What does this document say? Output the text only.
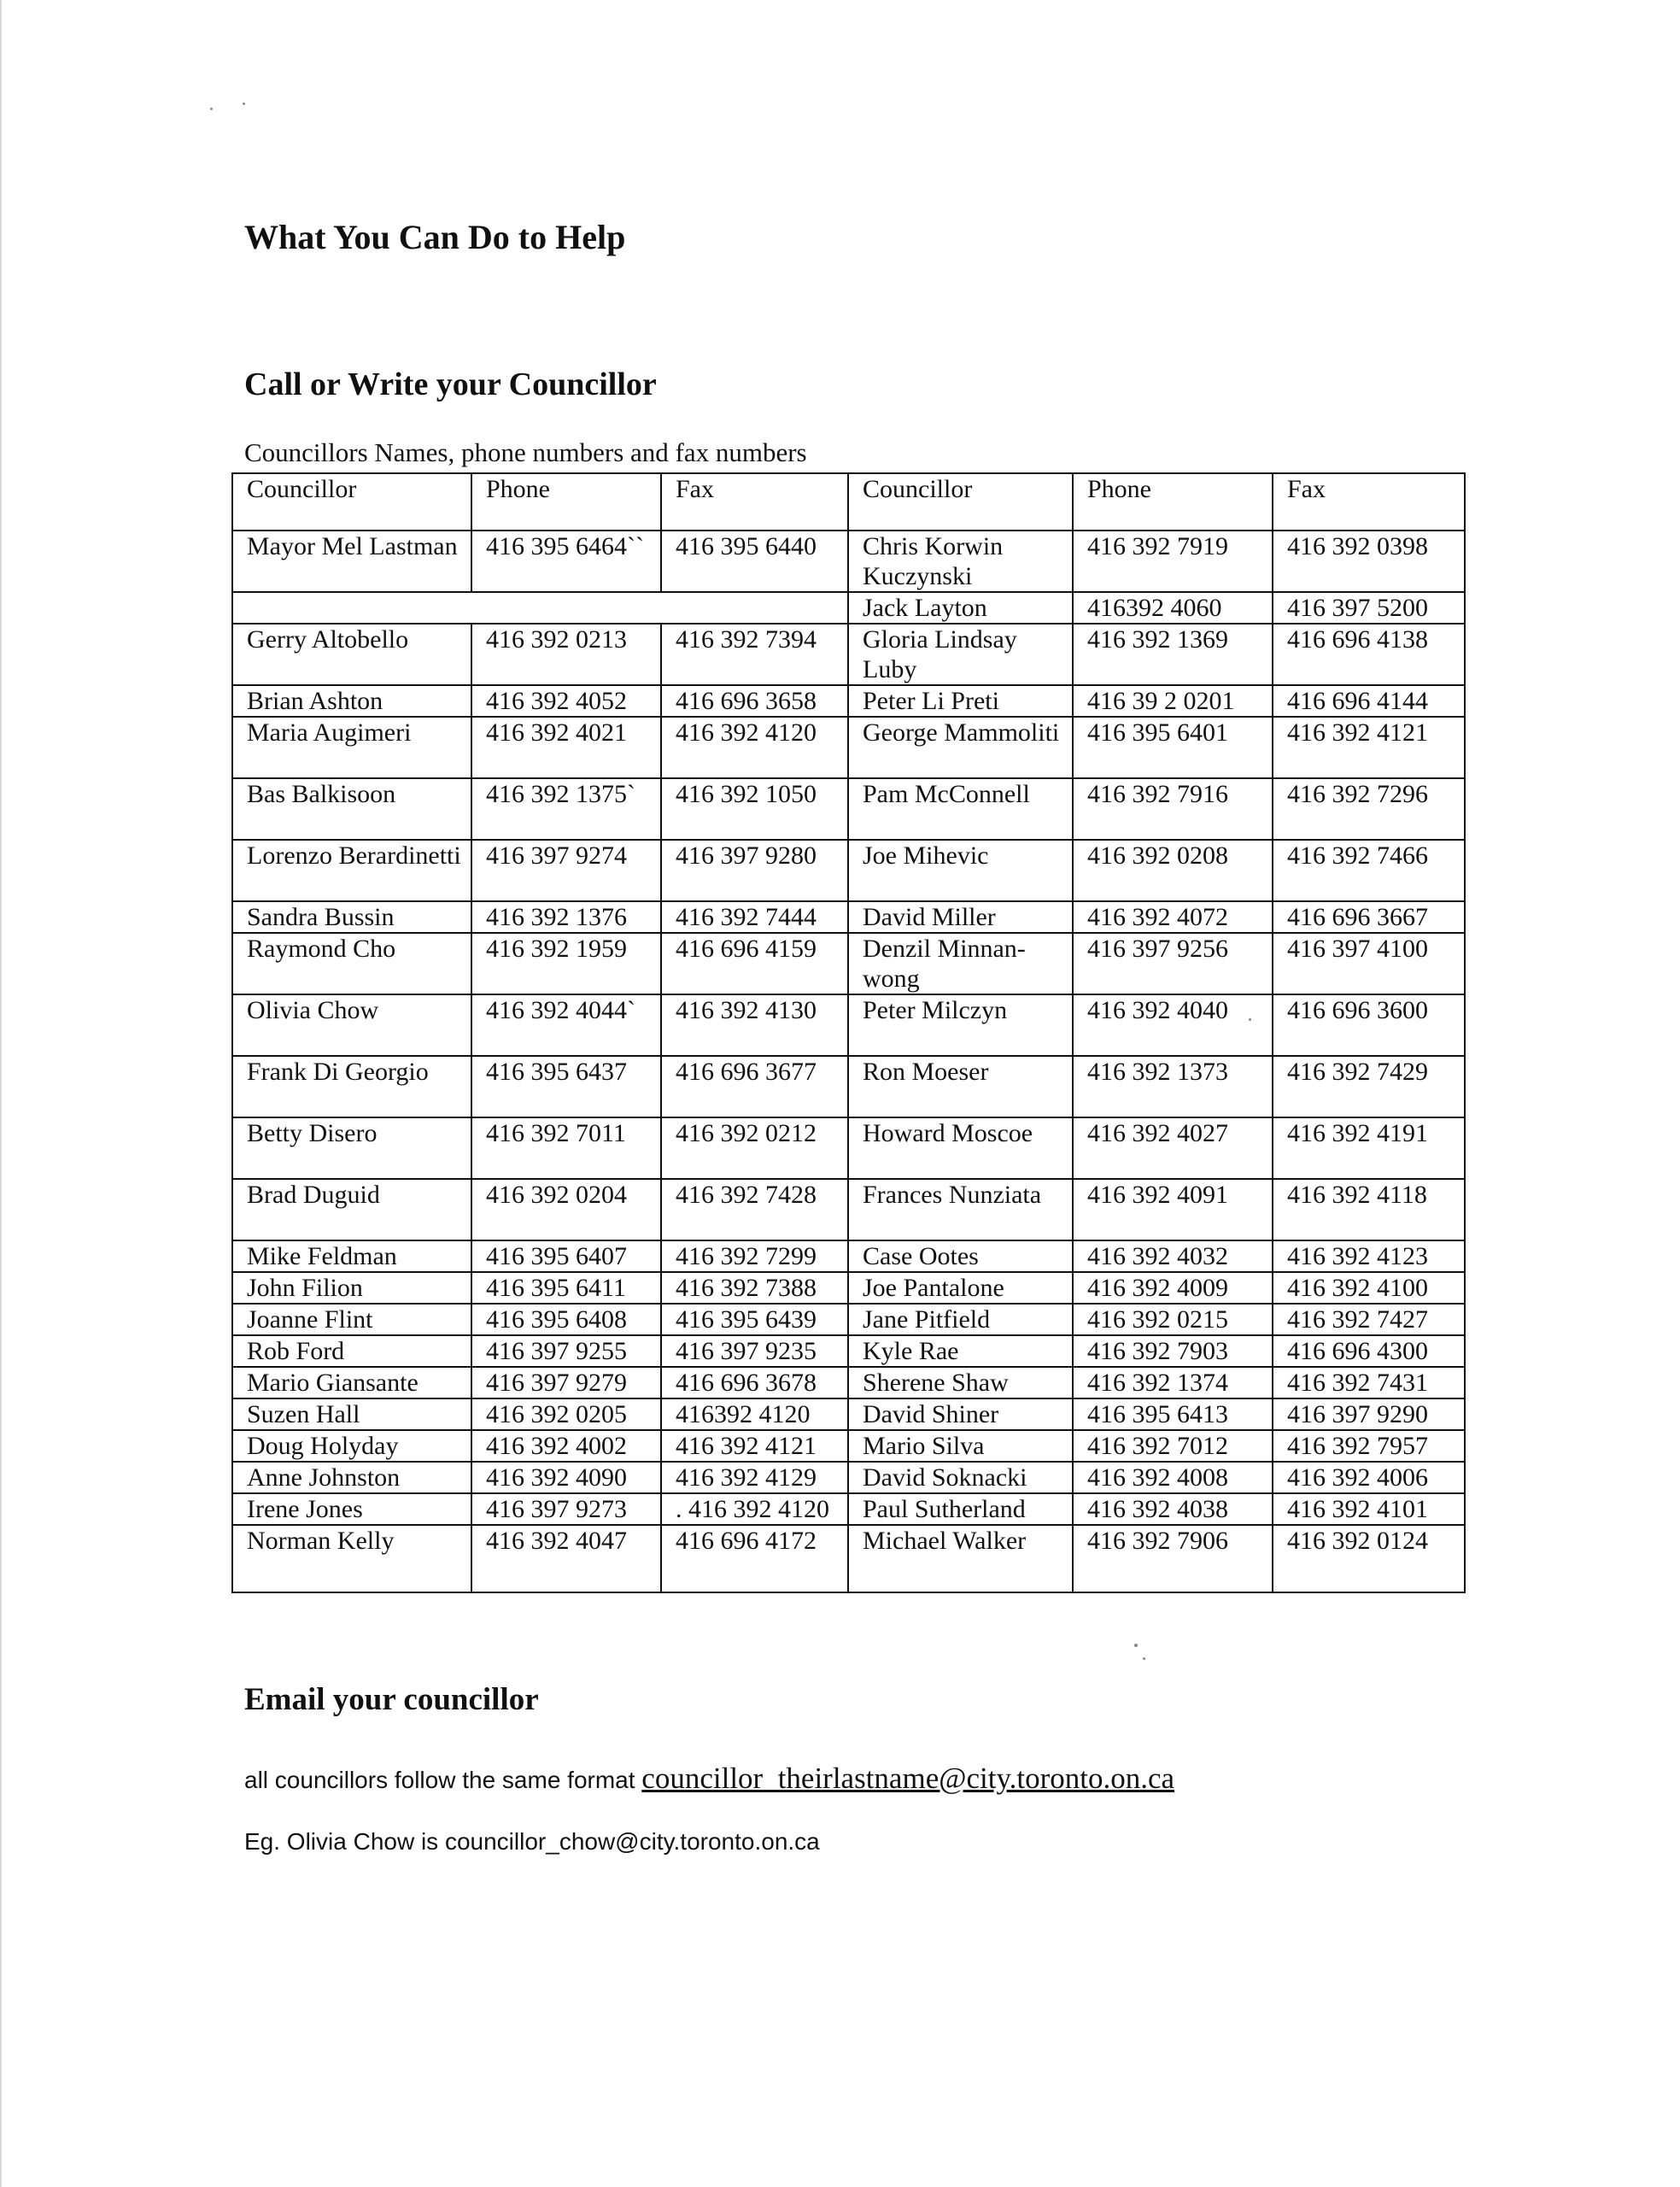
What You Can Do to Help
Call or Write your Councillor
Councillors Names, phone numbers and fax numbers
Councillor	Phone	Fax	Councillor	Phone	Fax
Mayor Mel Lastman	416 395 6464``	416 395 6440	Chris Korwin Kuczynski	416 392 7919	416 392 0398
			Jack Layton	416392 4060	416 397 5200
Gerry Altobello	416 392 0213	416 392 7394	Gloria Lindsay Luby	416 392 1369	416 696 4138
Brian Ashton	416 392 4052	416 696 3658	Peter Li Preti	416 39 2 0201	416 696 4144
Maria Augimeri	416 392 4021	416 392 4120	George Mammoliti	416 395 6401	416 392 4121
Bas Balkisoon	416 392 1375`	416 392 1050	Pam McConnell	416 392 7916	416 392 7296
Lorenzo Berardinetti	416 397 9274	416 397 9280	Joe Mihevic	416 392 0208	416 392 7466
Sandra Bussin	416 392 1376	416 392 7444	David Miller	416 392 4072	416 696 3667
Raymond Cho	416 392 1959	416 696 4159	Denzil Minnan-wong	416 397 9256	416 397 4100
Olivia Chow	416 392 4044`	416 392 4130	Peter Milczyn	416 392 4040	416 696 3600
Frank Di Georgio	416 395 6437	416 696 3677	Ron Moeser	416 392 1373	416 392 7429
Betty Disero	416 392 7011	416 392 0212	Howard Moscoe	416 392 4027	416 392 4191
Brad Duguid	416 392 0204	416 392 7428	Frances Nunziata	416 392 4091	416 392 4118
Mike Feldman	416 395 6407	416 392 7299	Case Ootes	416 392 4032	416 392 4123
John Filion	416 395 6411	416 392 7388	Joe Pantalone	416 392 4009	416 392 4100
Joanne Flint	416 395 6408	416 395 6439	Jane Pitfield	416 392 0215	416 392 7427
Rob Ford	416 397 9255	416 397 9235	Kyle Rae	416 392 7903	416 696 4300
Mario Giansante	416 397 9279	416 696 3678	Sherene Shaw	416 392 1374	416 392 7431
Suzen Hall	416 392 0205	416392 4120	David Shiner	416 395 6413	416 397 9290
Doug Holyday	416 392 4002	416 392 4121	Mario Silva	416 392 7012	416 392 7957
Anne Johnston	416 392 4090	416 392 4129	David Soknacki	416 392 4008	416 392 4006
Irene Jones	416 397 9273	. 416 392 4120	Paul Sutherland	416 392 4038	416 392 4101
Norman Kelly	416 392 4047	416 696 4172	Michael Walker	416 392 7906	416 392 0124
Email your councillor
all councillors follow the same format councillor_theirlastname@city.toronto.on.ca
Eg. Olivia Chow is councillor_chow@city.toronto.on.ca
